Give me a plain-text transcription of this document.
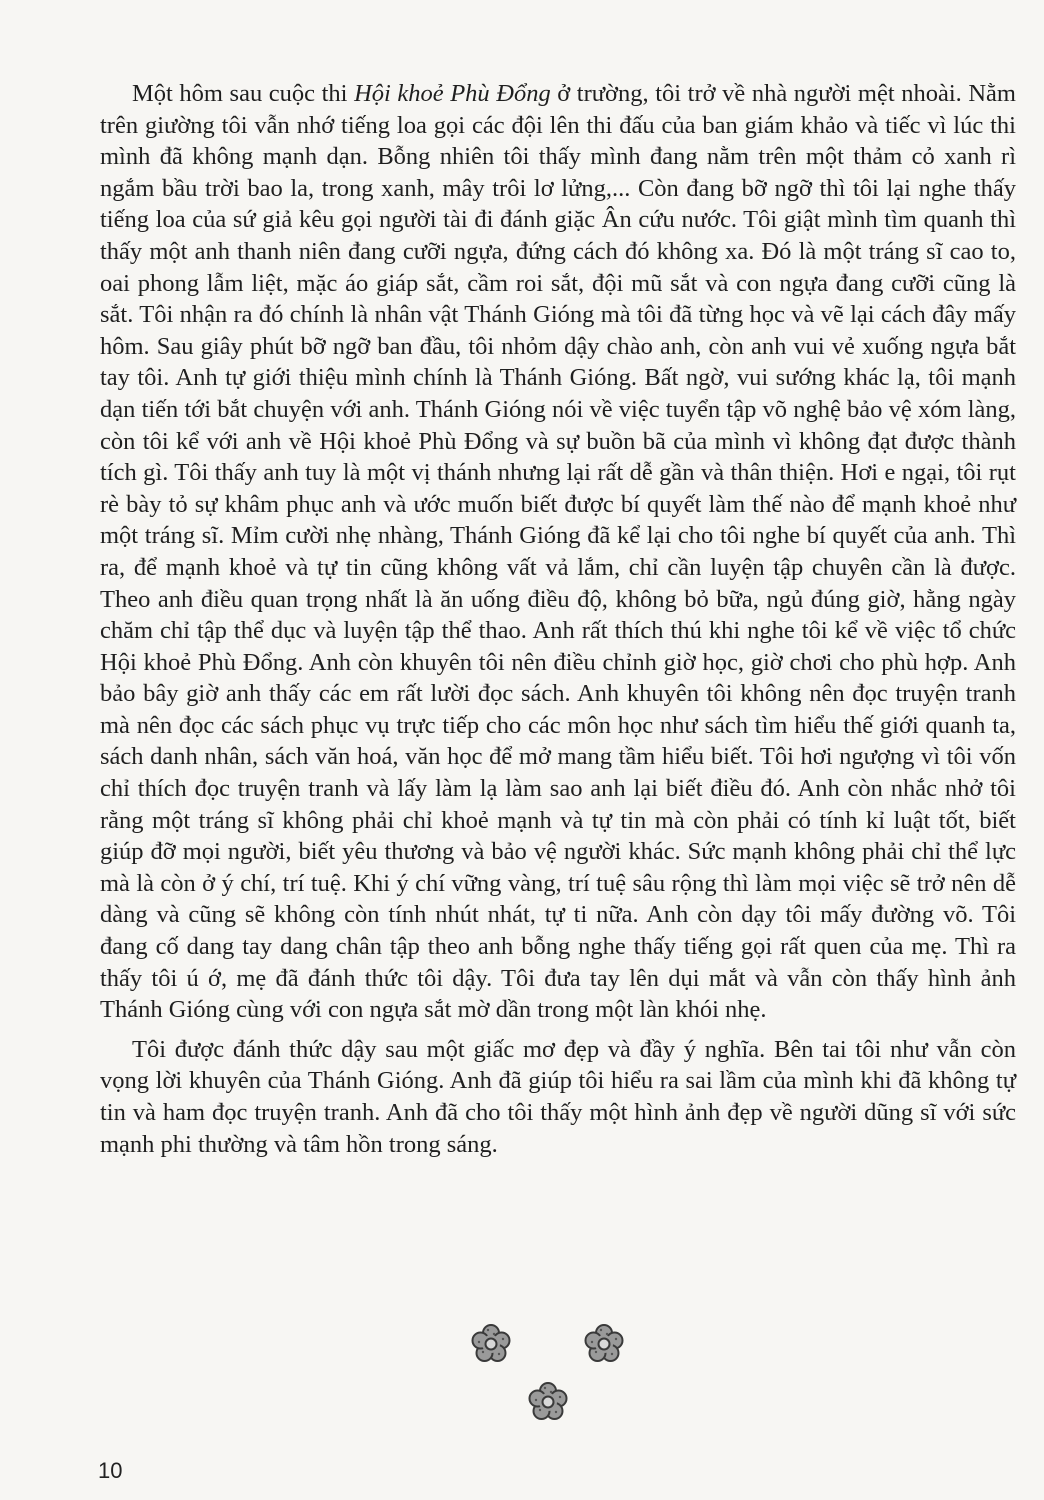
Một hôm sau cuộc thi Hội khoẻ Phù Đổng ở trường, tôi trở về nhà người mệt nhoài. Nằm trên giường tôi vẫn nhớ tiếng loa gọi các đội lên thi đấu của ban giám khảo và tiếc vì lúc thi mình đã không mạnh dạn. Bỗng nhiên tôi thấy mình đang nằm trên một thảm cỏ xanh rì ngắm bầu trời bao la, trong xanh, mây trôi lơ lửng,... Còn đang bỡ ngỡ thì tôi lại nghe thấy tiếng loa của sứ giả kêu gọi người tài đi đánh giặc Ân cứu nước. Tôi giật mình tìm quanh thì thấy một anh thanh niên đang cưỡi ngựa, đứng cách đó không xa. Đó là một tráng sĩ cao to, oai phong lẫm liệt, mặc áo giáp sắt, cầm roi sắt, đội mũ sắt và con ngựa đang cưỡi cũng là sắt. Tôi nhận ra đó chính là nhân vật Thánh Gióng mà tôi đã từng học và vẽ lại cách đây mấy hôm. Sau giây phút bỡ ngỡ ban đầu, tôi nhỏm dậy chào anh, còn anh vui vẻ xuống ngựa bắt tay tôi. Anh tự giới thiệu mình chính là Thánh Gióng. Bất ngờ, vui sướng khác lạ, tôi mạnh dạn tiến tới bắt chuyện với anh. Thánh Gióng nói về việc tuyển tập võ nghệ bảo vệ xóm làng, còn tôi kể với anh về Hội khoẻ Phù Đổng và sự buồn bã của mình vì không đạt được thành tích gì. Tôi thấy anh tuy là một vị thánh nhưng lại rất dễ gần và thân thiện. Hơi e ngại, tôi rụt rè bày tỏ sự khâm phục anh và ước muốn biết được bí quyết làm thế nào để mạnh khoẻ như một tráng sĩ. Mỉm cười nhẹ nhàng, Thánh Gióng đã kể lại cho tôi nghe bí quyết của anh. Thì ra, để mạnh khoẻ và tự tin cũng không vất vả lắm, chỉ cần luyện tập chuyên cần là được. Theo anh điều quan trọng nhất là ăn uống điều độ, không bỏ bữa, ngủ đúng giờ, hằng ngày chăm chỉ tập thể dục và luyện tập thể thao. Anh rất thích thú khi nghe tôi kể về việc tổ chức Hội khoẻ Phù Đổng. Anh còn khuyên tôi nên điều chỉnh giờ học, giờ chơi cho phù hợp. Anh bảo bây giờ anh thấy các em rất lười đọc sách. Anh khuyên tôi không nên đọc truyện tranh mà nên đọc các sách phục vụ trực tiếp cho các môn học như sách tìm hiểu thế giới quanh ta, sách danh nhân, sách văn hoá, văn học để mở mang tầm hiểu biết. Tôi hơi ngượng vì tôi vốn chỉ thích đọc truyện tranh và lấy làm lạ làm sao anh lại biết điều đó. Anh còn nhắc nhở tôi rằng một tráng sĩ không phải chỉ khoẻ mạnh và tự tin mà còn phải có tính kỉ luật tốt, biết giúp đỡ mọi người, biết yêu thương và bảo vệ người khác. Sức mạnh không phải chỉ thể lực mà là còn ở ý chí, trí tuệ. Khi ý chí vững vàng, trí tuệ sâu rộng thì làm mọi việc sẽ trở nên dễ dàng và cũng sẽ không còn tính nhút nhát, tự ti nữa. Anh còn dạy tôi mấy đường võ. Tôi đang cố dang tay dang chân tập theo anh bỗng nghe thấy tiếng gọi rất quen của mẹ. Thì ra thấy tôi ú ớ, mẹ đã đánh thức tôi dậy. Tôi đưa tay lên dụi mắt và vẫn còn thấy hình ảnh Thánh Gióng cùng với con ngựa sắt mờ dần trong một làn khói nhẹ.

Tôi được đánh thức dậy sau một giấc mơ đẹp và đầy ý nghĩa. Bên tai tôi như vẫn còn vọng lời khuyên của Thánh Gióng. Anh đã giúp tôi hiểu ra sai lầm của mình khi đã không tự tin và ham đọc truyện tranh. Anh đã cho tôi thấy một hình ảnh đẹp về người dũng sĩ với sức mạnh phi thường và tâm hồn trong sáng.

10
